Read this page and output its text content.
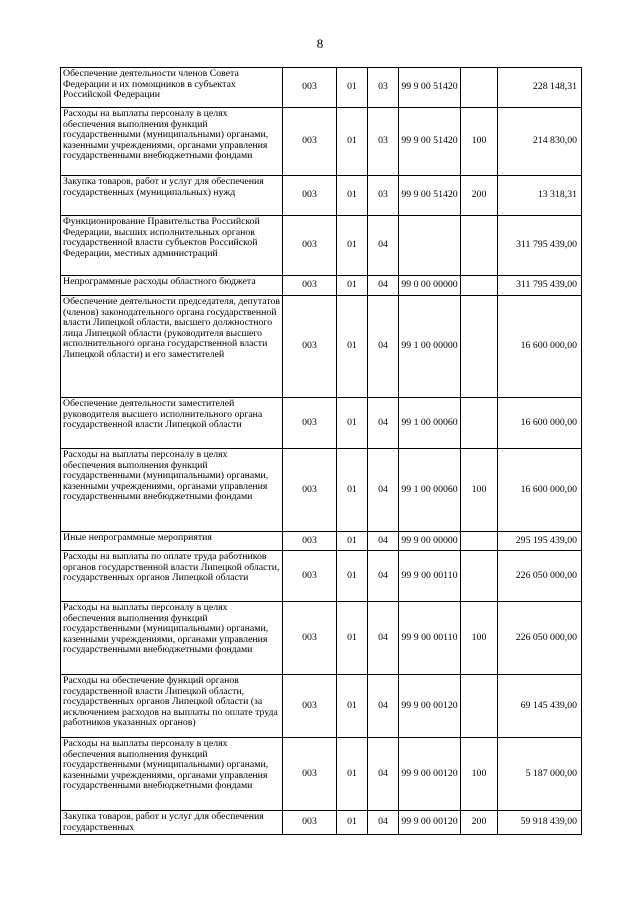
8
Обеспечение деятельности членов Совета Федерации и их помощников в субъектах Российской Федерации	003	01	03	99 9 00 51420		228 148,31
Расходы на выплаты персоналу в целях обеспечения выполнения функций государственными (муниципальными) органами, казенными учреждениями, органами управления государственными внебюджетными фондами	003	01	03	99 9 00 51420	100	214 830,00
Закупка товаров, работ и услуг для обеспечения государственных (муниципальных) нужд	003	01	03	99 9 00 51420	200	13 318,31
Функционирование Правительства Российской Федерации, высших исполнительных органов государственной власти субъектов Российской Федерации, местных администраций	003	01	04			311 795 439,00
Непрограммные расходы областного бюджета	003	01	04	99 0 00 00000		311 795 439,00
Обеспечение деятельности председателя, депутатов (членов) законодательного органа государственной власти Липецкой области, высшего должностного лица Липецкой области (руководителя высшего исполнительного органа государственной власти Липецкой области) и его заместителей	003	01	04	99 1 00 00000		16 600 000,00
Обеспечение деятельности заместителей руководителя высшего исполнительного органа государственной власти Липецкой области	003	01	04	99 1 00 00060		16 600 000,00
Расходы на выплаты персоналу в целях обеспечения выполнения функций государственными (муниципальными) органами, казенными учреждениями, органами управления государственными внебюджетными фондами	003	01	04	99 1 00 00060	100	16 600 000,00
Иные непрограммные мероприятия	003	01	04	99 9 00 00000		295 195 439,00
Расходы на выплаты по оплате труда работников органов государственной власти Липецкой области, государственных органов Липецкой области	003	01	04	99 9 00 00110		226 050 000,00
Расходы на выплаты персоналу в целях обеспечения выполнения функций государственными (муниципальными) органами, казенными учреждениями, органами управления государственными внебюджетными фондами	003	01	04	99 9 00 00110	100	226 050 000,00
Расходы на обеспечение функций органов государственной власти Липецкой области, государственных органов Липецкой области (за исключением расходов на выплаты по оплате труда работников указанных органов)	003	01	04	99 9 00 00120		69 145 439,00
Расходы на выплаты персоналу в целях обеспечения выполнения функций государственными (муниципальными) органами, казенными учреждениями, органами управления государственными внебюджетными фондами	003	01	04	99 9 00 00120	100	5 187 000,00
Закупка товаров, работ и услуг для обеспечения государственных	003	01	04	99 9 00 00120	200	59 918 439,00
